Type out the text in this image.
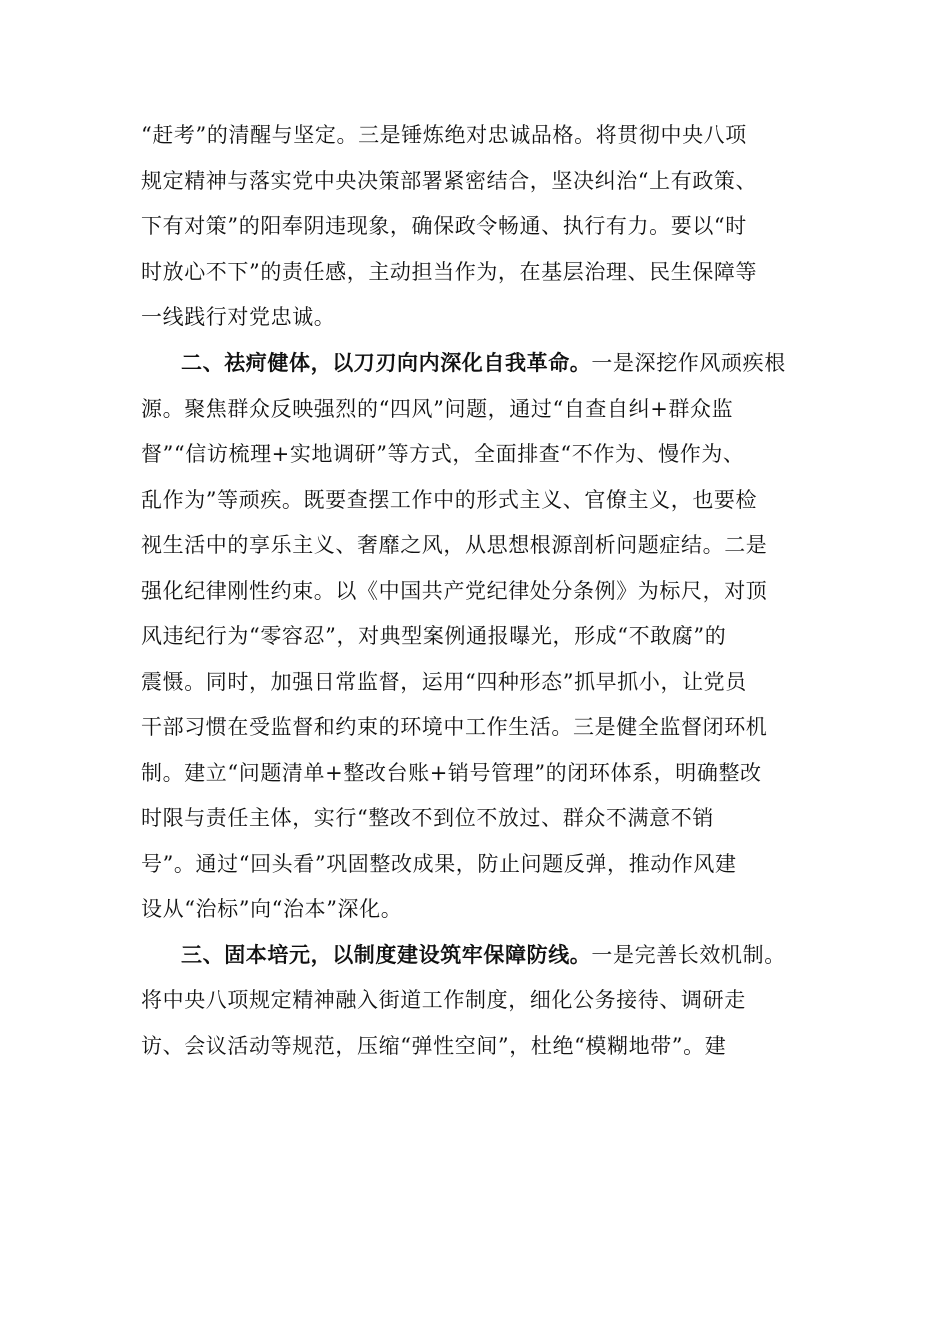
“赶考”的清醒与坚定。三是锤炼绝对忠诚品格。将贯彻中央八项
规定精神与落实党中央决策部署紧密结合，坚决纠治“上有政策、
下有对策”的阳奉阴违现象，确保政令畅通、执行有力。要以“时
时放心不下”的责任感，主动担当作为，在基层治理、民生保障等
一线践行对党忠诚。
二、祛疴健体，以刀刃向内深化自我革命。一是深挖作风顽疾根
源。聚焦群众反映强烈的“四风”问题，通过“自查自纠+群众监
督”“信访梳理+实地调研”等方式，全面排查“不作为、慢作为、
乱作为”等顽疾。既要查摆工作中的形式主义、官僚主义，也要检
视生活中的享乐主义、奢靡之风，从思想根源剖析问题症结。二是
强化纪律刚性约束。以《中国共产党纪律处分条例》为标尺，对顶
风违纪行为“零容忍”，对典型案例通报曝光，形成“不敢腐”的
震慑。同时，加强日常监督，运用“四种形态”抓早抓小，让党员
干部习惯在受监督和约束的环境中工作生活。三是健全监督闭环机
制。建立“问题清单+整改台账+销号管理”的闭环体系，明确整改
时限与责任主体，实行“整改不到位不放过、群众不满意不销
号”。通过“回头看”巩固整改成果，防止问题反弹，推动作风建
设从“治标”向“治本”深化。
三、固本培元，以制度建设筑牢保障防线。一是完善长效机制。
将中央八项规定精神融入街道工作制度，细化公务接待、调研走
访、会议活动等规范，压缩“弹性空间”，杜绝“模糊地带”。建
